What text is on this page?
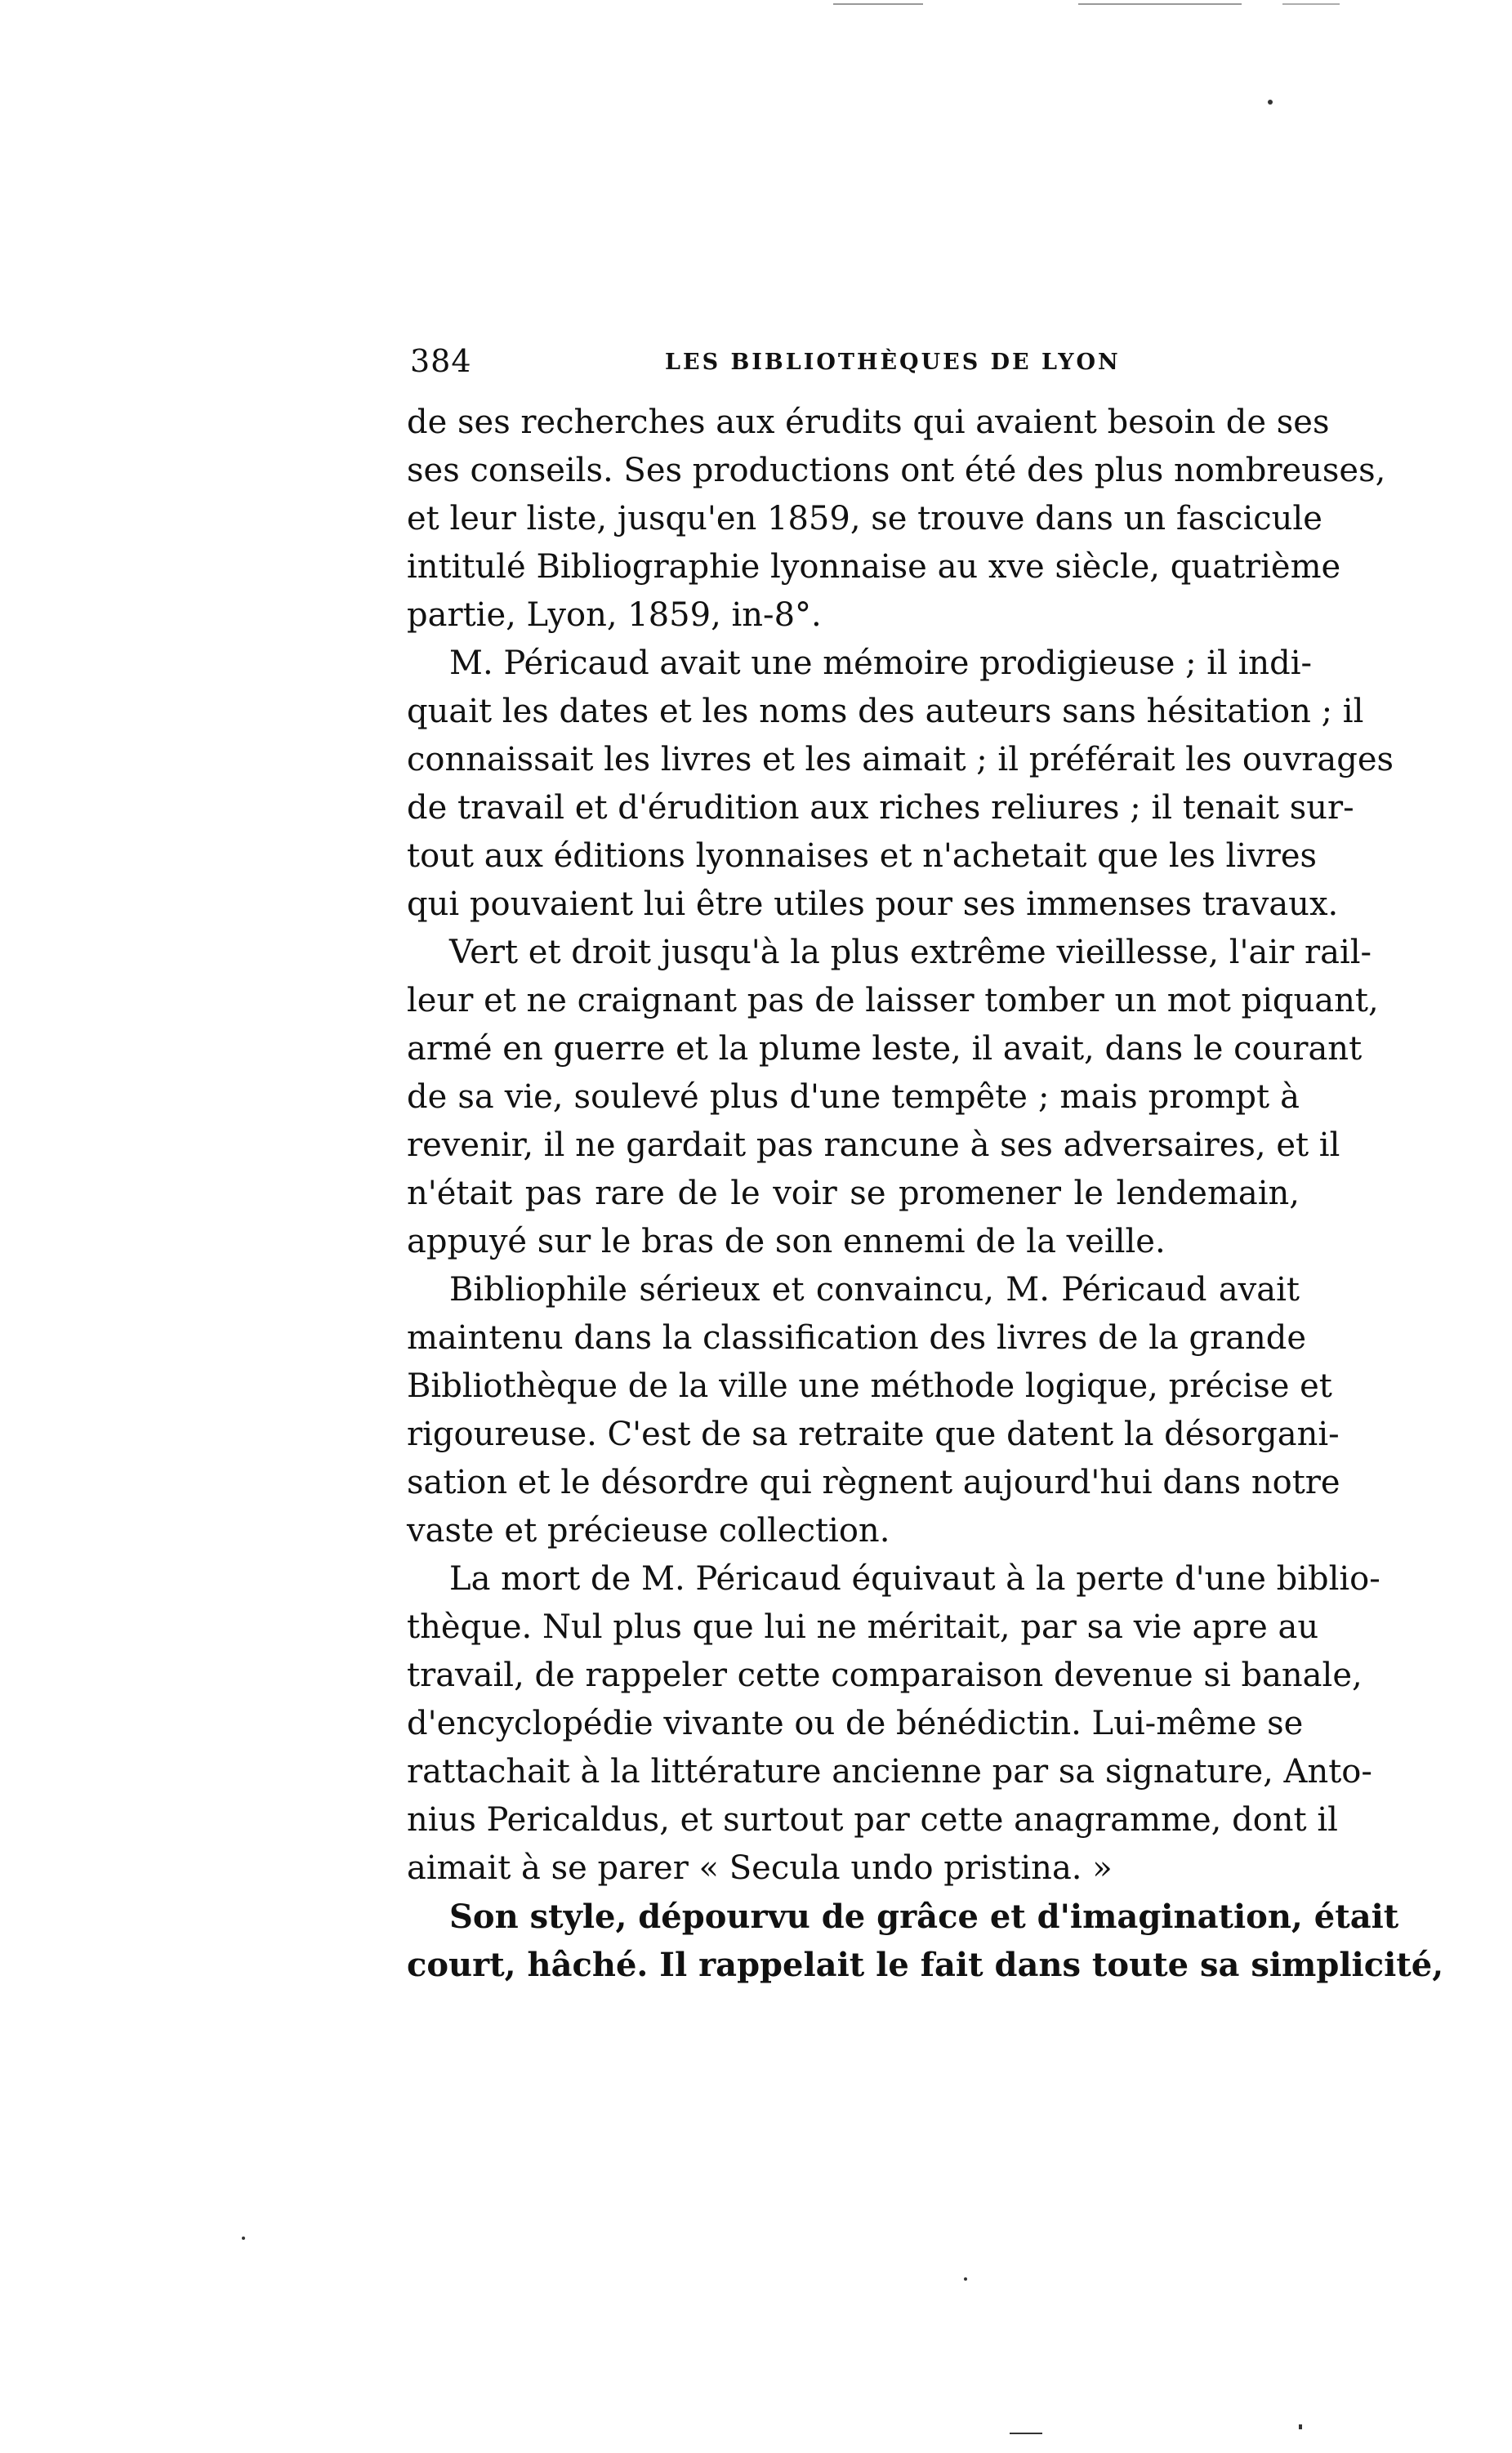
384	LES BIBLIOTHÈQUES DE LYON
de ses recherches aux érudits qui avaient besoin de ses
ses conseils. Ses productions ont été des plus nombreuses,
et leur liste, jusqu'en 1859, se trouve dans un fascicule
intitulé Bibliographie lyonnaise au xve siècle, quatrième
partie, Lyon, 1859, in-8°.
M. Péricaud avait une mémoire prodigieuse ; il indi-
quait les dates et les noms des auteurs sans hésitation ; il
connaissait les livres et les aimait ; il préférait les ouvrages
de travail et d'érudition aux riches reliures ; il tenait sur-
tout aux éditions lyonnaises et n'achetait que les livres
qui pouvaient lui être utiles pour ses immenses travaux.
Vert et droit jusqu'à la plus extrême vieillesse, l'air rail-
leur et ne craignant pas de laisser tomber un mot piquant,
armé en guerre et la plume leste, il avait, dans le courant
de sa vie, soulevé plus d'une tempête ; mais prompt à
revenir, il ne gardait pas rancune à ses adversaires, et il
n'était pas rare de le voir se promener le lendemain,
appuyé sur le bras de son ennemi de la veille.
Bibliophile sérieux et convaincu, M. Péricaud avait
maintenu dans la classification des livres de la grande
Bibliothèque de la ville une méthode logique, précise et
rigoureuse. C'est de sa retraite que datent la désorgani-
sation et le désordre qui règnent aujourd'hui dans notre
vaste et précieuse collection.
La mort de M. Péricaud équivaut à la perte d'une biblio-
thèque. Nul plus que lui ne méritait, par sa vie apre au
travail, de rappeler cette comparaison devenue si banale,
d'encyclopédie vivante ou de bénédictin. Lui-même se
rattachait à la littérature ancienne par sa signature, Anto-
nius Pericaldus, et surtout par cette anagramme, dont il
aimait à se parer « Secula undo pristina. »
Son style, dépourvu de grâce et d'imagination, était
court, hâché. Il rappelait le fait dans toute sa simplicité,
